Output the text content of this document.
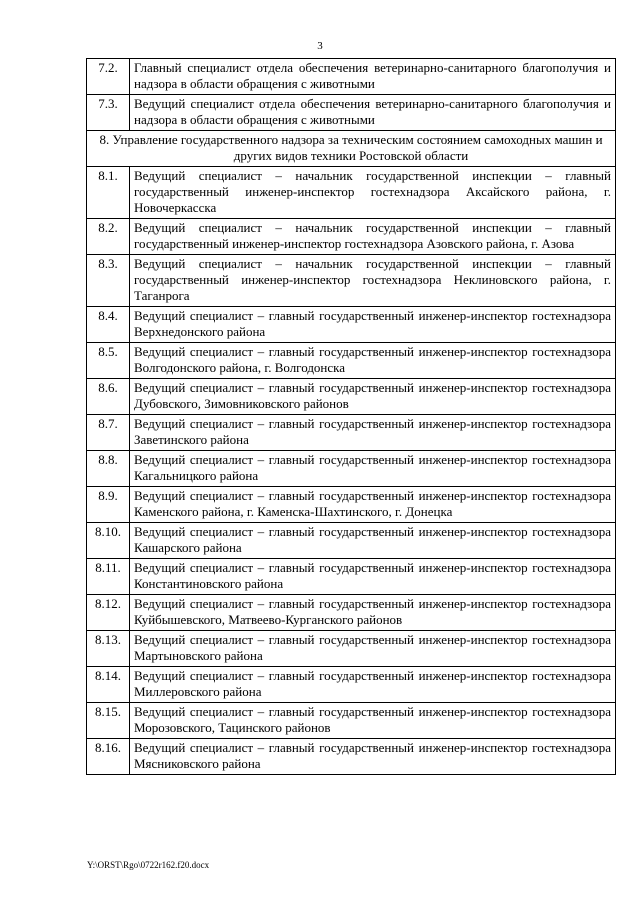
3
7.2.	Главный специалист отдела обеспечения ветеринарно-санитарного благополучия и надзора в области обращения с животными
7.3.	Ведущий специалист отдела обеспечения ветеринарно-санитарного благополучия и надзора в области обращения с животными
8. Управление государственного надзора за техническим состоянием самоходных машин и других видов техники Ростовской области	
8.1.	Ведущий специалист – начальник государственной инспекции – главный государственный инженер-инспектор гостехнадзора Аксайского района, г. Новочеркасска
8.2.	Ведущий специалист – начальник государственной инспекции – главный государственный инженер-инспектор гостехнадзора Азовского района, г. Азова
8.3.	Ведущий специалист – начальник государственной инспекции – главный государственный инженер-инспектор гостехнадзора Неклиновского района, г. Таганрога
8.4.	Ведущий специалист – главный государственный инженер-инспектор гостехнадзора Верхнедонского района
8.5.	Ведущий специалист – главный государственный инженер-инспектор гостехнадзора Волгодонского района, г. Волгодонска
8.6.	Ведущий специалист – главный государственный инженер-инспектор гостехнадзора Дубовского, Зимовниковского районов
8.7.	Ведущий специалист – главный государственный инженер-инспектор гостехнадзора Заветинского района
8.8.	Ведущий специалист – главный государственный инженер-инспектор гостехнадзора Кагальницкого района
8.9.	Ведущий специалист – главный государственный инженер-инспектор гостехнадзора Каменского района, г. Каменска-Шахтинского, г. Донецка
8.10.	Ведущий специалист – главный государственный инженер-инспектор гостехнадзора Кашарского района
8.11.	Ведущий специалист – главный государственный инженер-инспектор гостехнадзора Константиновского района
8.12.	Ведущий специалист – главный государственный инженер-инспектор гостехнадзора Куйбышевского, Матвеево-Курганского районов
8.13.	Ведущий специалист – главный государственный инженер-инспектор гостехнадзора Мартыновского района
8.14.	Ведущий специалист – главный государственный инженер-инспектор гостехнадзора Миллеровского района
8.15.	Ведущий специалист – главный государственный инженер-инспектор гостехнадзора Морозовского, Тацинского районов
8.16.	Ведущий специалист – главный государственный инженер-инспектор гостехнадзора Мясниковского района
Y:\ORST\Rgo\0722r162.f20.docx
